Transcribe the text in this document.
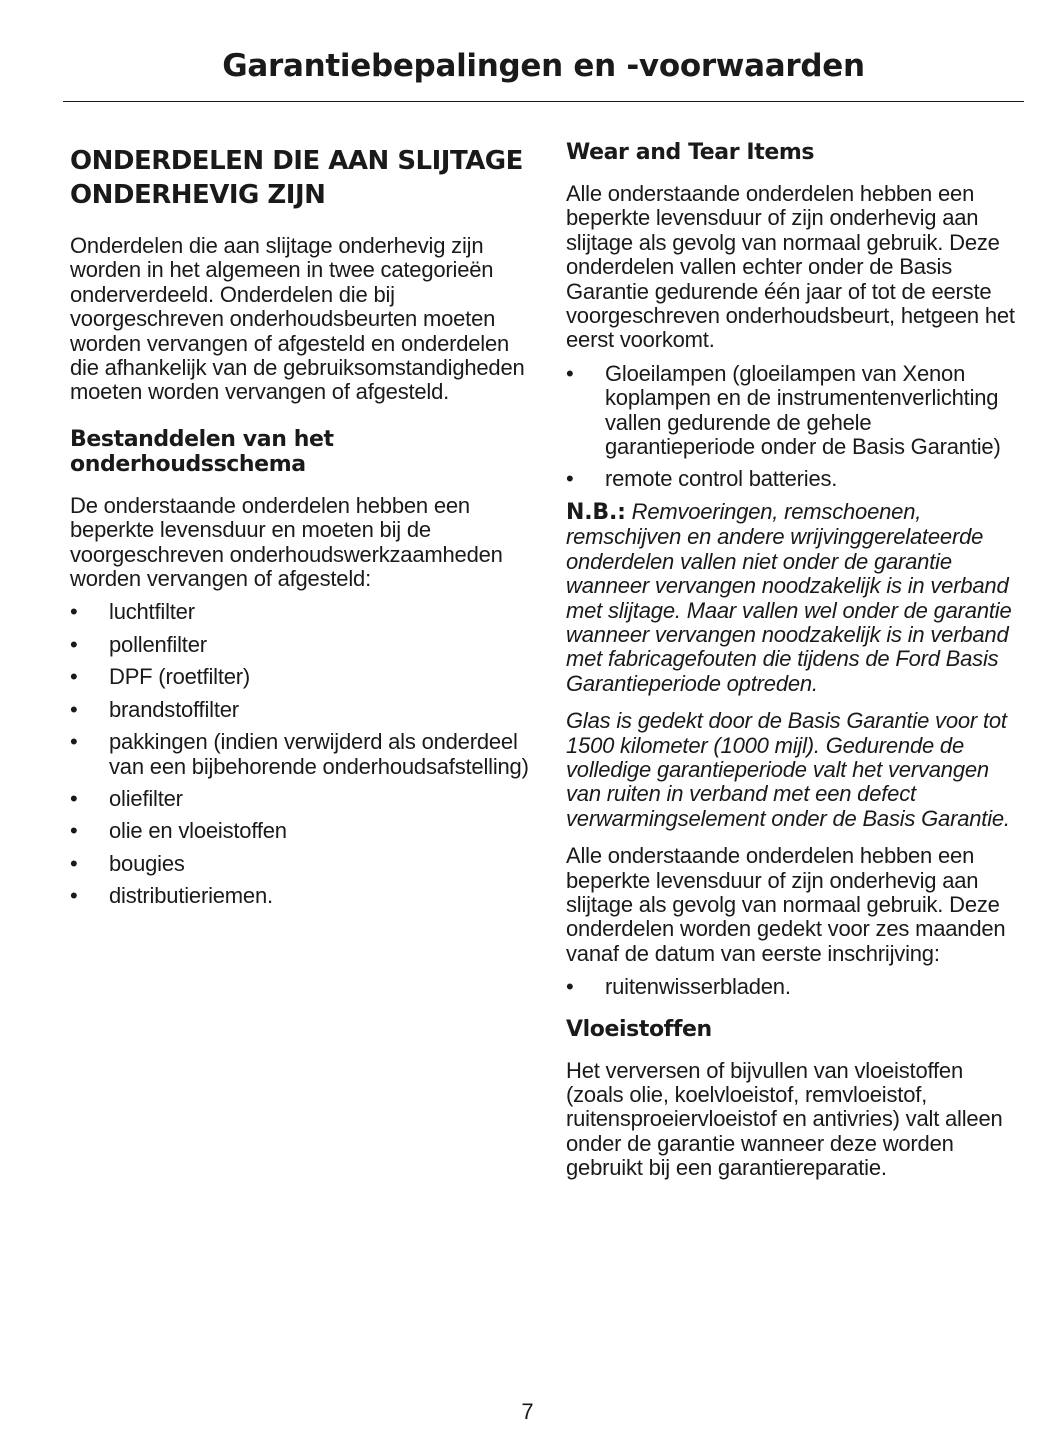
Garantiebepalingen en -voorwaarden
ONDERDELEN DIE AAN SLIJTAGE ONDERHEVIG ZIJN

Onderdelen die aan slijtage onderhevig zijn worden in het algemeen in twee categorieën onderverdeeld. Onderdelen die bij voorgeschreven onderhoudsbeurten moeten worden vervangen of afgesteld en onderdelen die afhankelijk van de gebruiksomstandigheden moeten worden vervangen of afgesteld.

Bestanddelen van het onderhoudsschema

De onderstaande onderdelen hebben een beperkte levensduur en moeten bij de voorgeschreven onderhoudswerkzaamheden worden vervangen of afgesteld:

• luchtfilter
• pollenfilter
• DPF (roetfilter)
• brandstoffilter
• pakkingen (indien verwijderd als onderdeel van een bijbehorende onderhoudsafstelling)
• oliefilter
• olie en vloeistoffen
• bougies
• distributieriemen.
Wear and Tear Items

Alle onderstaande onderdelen hebben een beperkte levensduur of zijn onderhevig aan slijtage als gevolg van normaal gebruik. Deze onderdelen vallen echter onder de Basis Garantie gedurende één jaar of tot de eerste voorgeschreven onderhoudsbeurt, hetgeen het eerst voorkomt.

• Gloeilampen (gloeilampen van Xenon koplampen en de instrumentenverlichting vallen gedurende de gehele garantieperiode onder de Basis Garantie)
• remote control batteries.

N.B.: Remvoeringen, remschoenen, remschijven en andere wrijvinggerelateerde onderdelen vallen niet onder de garantie wanneer vervangen noodzakelijk is in verband met slijtage. Maar vallen wel onder de garantie wanneer vervangen noodzakelijk is in verband met fabricagefouten die tijdens de Ford Basis Garantieperiode optreden.

Glas is gedekt door de Basis Garantie voor tot 1500 kilometer (1000 mijl). Gedurende de volledige garantieperiode valt het vervangen van ruiten in verband met een defect verwarmingselement onder de Basis Garantie.

Alle onderstaande onderdelen hebben een beperkte levensduur of zijn onderhevig aan slijtage als gevolg van normaal gebruik. Deze onderdelen worden gedekt voor zes maanden vanaf de datum van eerste inschrijving:

• ruitenwisserbladen.
Vloeistoffen

Het verversen of bijvullen van vloeistoffen (zoals olie, koelvloeistof, remvloeistof, ruitensproeiervloeistof en antivries) valt alleen onder de garantie wanneer deze worden gebruikt bij een garantiereparatie.

7
